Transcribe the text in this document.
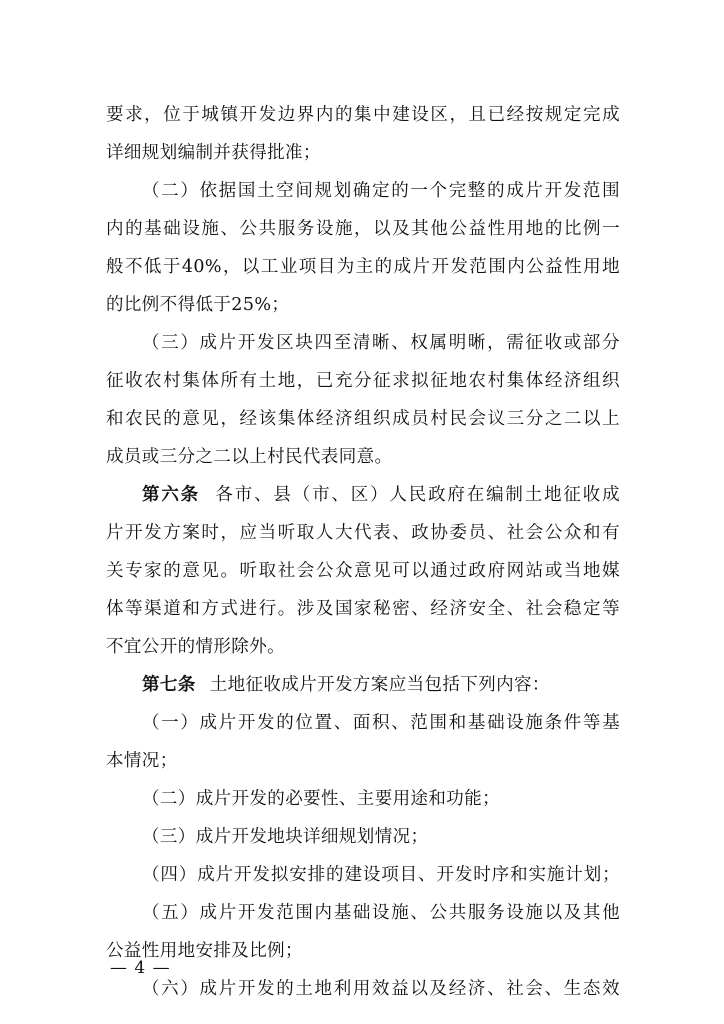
要求，位于城镇开发边界内的集中建设区，且已经按规定完成
详细规划编制并获得批准；
（二）依据国土空间规划确定的一个完整的成片开发范围
内的基础设施、公共服务设施，以及其他公益性用地的比例一
般不低于40%，以工业项目为主的成片开发范围内公益性用地
的比例不得低于25%；
（三）成片开发区块四至清晰、权属明晰，需征收或部分
征收农村集体所有土地，已充分征求拟征地农村集体经济组织
和农民的意见，经该集体经济组织成员村民会议三分之二以上
成员或三分之二以上村民代表同意。
第六条 各市、县（市、区）人民政府在编制土地征收成
片开发方案时，应当听取人大代表、政协委员、社会公众和有
关专家的意见。听取社会公众意见可以通过政府网站或当地媒
体等渠道和方式进行。涉及国家秘密、经济安全、社会稳定等
不宜公开的情形除外。
第七条 土地征收成片开发方案应当包括下列内容：
（一）成片开发的位置、面积、范围和基础设施条件等基
本情况；
（二）成片开发的必要性、主要用途和功能；
（三）成片开发地块详细规划情况；
（四）成片开发拟安排的建设项目、开发时序和实施计划；
（五）成片开发范围内基础设施、公共服务设施以及其他
公益性用地安排及比例；
（六）成片开发的土地利用效益以及经济、社会、生态效
— 4 —
